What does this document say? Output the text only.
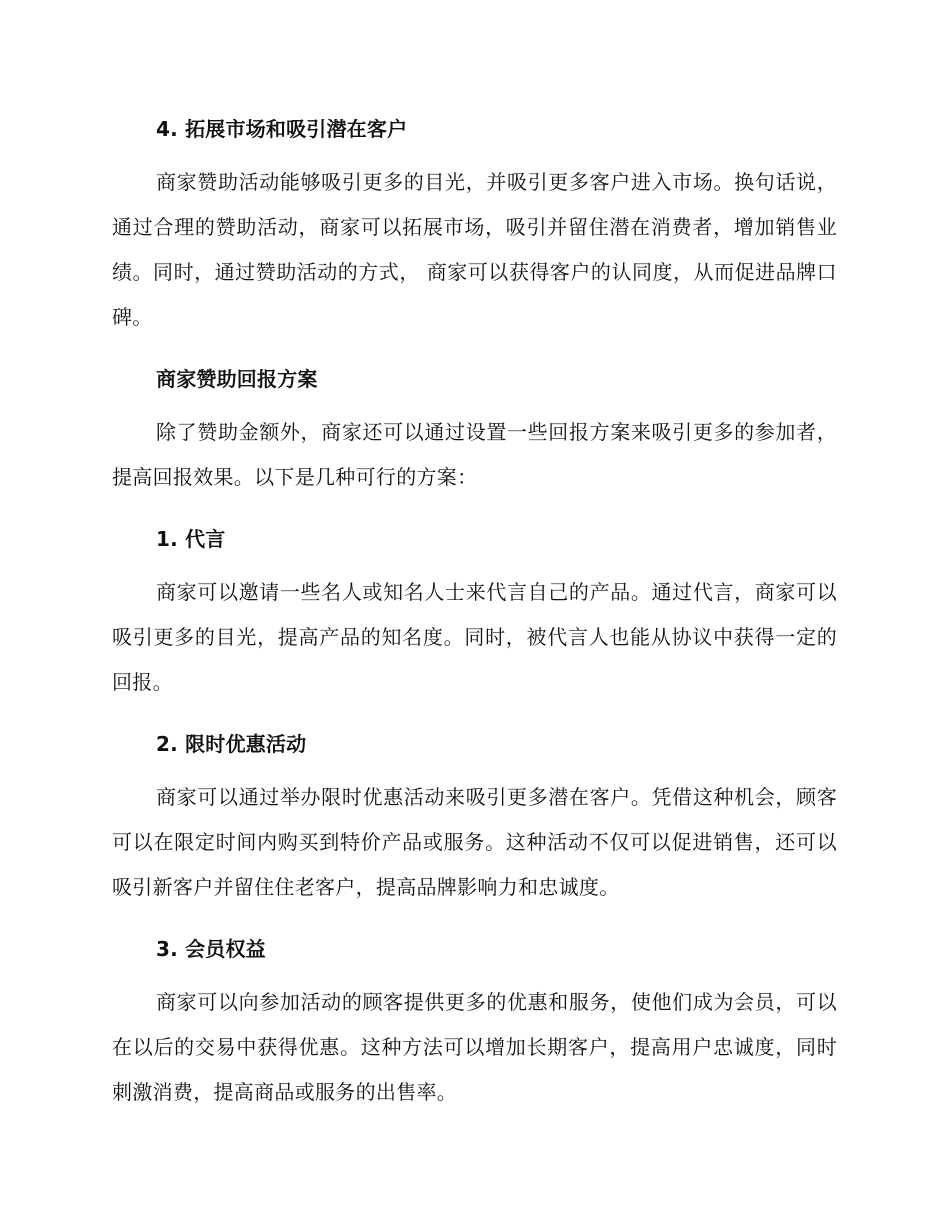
4. 拓展市场和吸引潜在客户

商家赞助活动能够吸引更多的目光，并吸引更多客户进入市场。换句话说，通过合理的赞助活动，商家可以拓展市场，吸引并留住潜在消费者，增加销售业绩。同时，通过赞助活动的方式， 商家可以获得客户的认同度，从而促进品牌口碑。

商家赞助回报方案

除了赞助金额外，商家还可以通过设置一些回报方案来吸引更多的参加者，提高回报效果。以下是几种可行的方案：

1. 代言

商家可以邀请一些名人或知名人士来代言自己的产品。通过代言，商家可以吸引更多的目光，提高产品的知名度。同时，被代言人也能从协议中获得一定的回报。

2. 限时优惠活动

商家可以通过举办限时优惠活动来吸引更多潜在客户。凭借这种机会，顾客可以在限定时间内购买到特价产品或服务。这种活动不仅可以促进销售，还可以吸引新客户并留住住老客户，提高品牌影响力和忠诚度。

3. 会员权益

商家可以向参加活动的顾客提供更多的优惠和服务，使他们成为会员，可以在以后的交易中获得优惠。这种方法可以增加长期客户，提高用户忠诚度，同时刺激消费，提高商品或服务的出售率。
